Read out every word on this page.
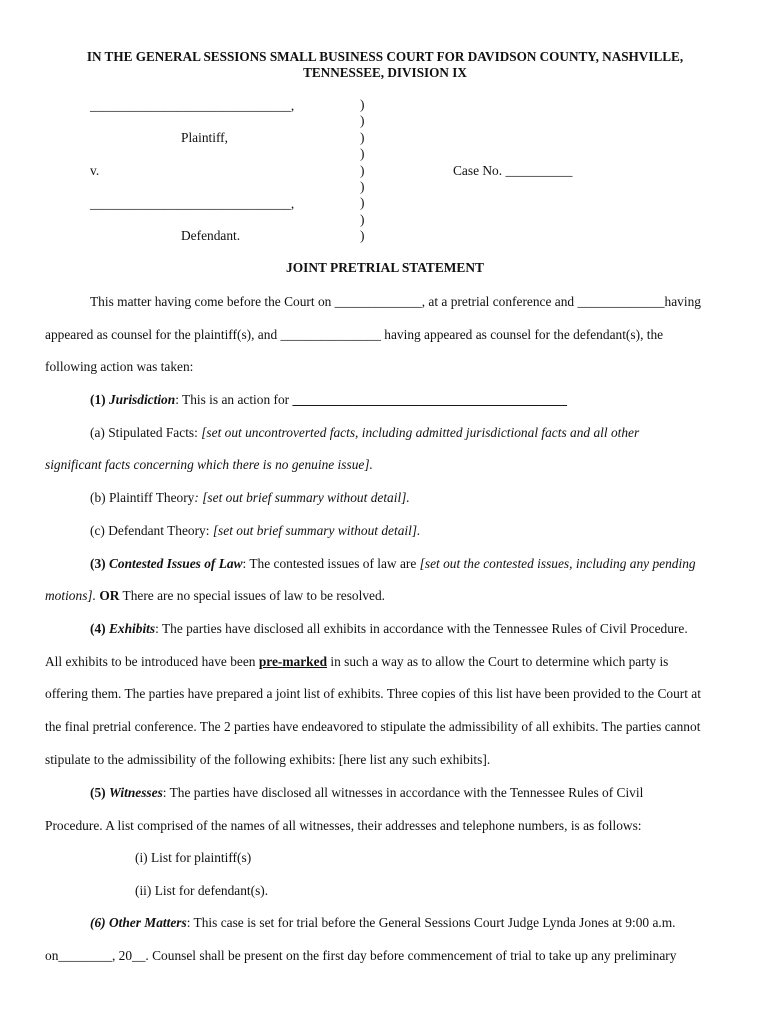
IN THE GENERAL SESSIONS SMALL BUSINESS COURT FOR DAVIDSON COUNTY, NASHVILLE,
TENNESSEE, DIVISION IX
______________________________,
Plaintiff,
v.
______________________________,
Defendant.
)
)
)
)
)
)
)
)
)
Case No. __________
JOINT PRETRIAL STATEMENT
This matter having come before the Court on _____________, at a pretrial conference and _____________having
appeared as counsel for the plaintiff(s), and _______________ having appeared as counsel for the defendant(s), the
following action was taken:
(1) Jurisdiction: This is an action for _________________________________________
(a) Stipulated Facts: [set out uncontroverted facts, including admitted jurisdictional facts and all other
significant facts concerning which there is no genuine issue].
(b) Plaintiff Theory: [set out brief summary without detail].
(c) Defendant Theory: [set out brief summary without detail].
(3) Contested Issues of Law: The contested issues of law are [set out the contested issues, including any pending
motions]. OR There are no special issues of law to be resolved.
(4) Exhibits: The parties have disclosed all exhibits in accordance with the Tennessee Rules of Civil Procedure.
All exhibits to be introduced have been pre-marked in such a way as to allow the Court to determine which party is
offering them. The parties have prepared a joint list of exhibits. Three copies of this list have been provided to the Court at
the final pretrial conference. The 2 parties have endeavored to stipulate the admissibility of all exhibits. The parties cannot
stipulate to the admissibility of the following exhibits: [here list any such exhibits].
(5) Witnesses: The parties have disclosed all witnesses in accordance with the Tennessee Rules of Civil
Procedure. A list comprised of the names of all witnesses, their addresses and telephone numbers, is as follows:
(i) List for plaintiff(s)
(ii) List for defendant(s).
(6) Other Matters: This case is set for trial before the General Sessions Court Judge Lynda Jones at 9:00 a.m.
on________, 20__. Counsel shall be present on the first day before commencement of trial to take up any preliminary
